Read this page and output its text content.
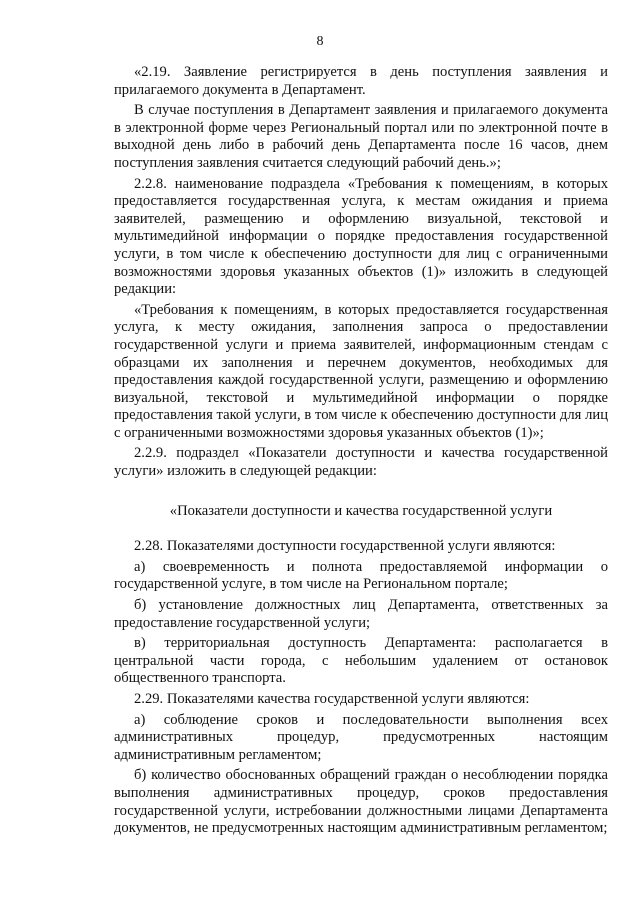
8

«2.19. Заявление регистрируется в день поступления заявления и прилагаемого документа в Департамент.

В случае поступления в Департамент заявления и прилагаемого документа в электронной форме через Региональный портал или по электронной почте в выходной день либо в рабочий день Департамента после 16 часов, днем поступления заявления считается следующий рабочий день.»;

2.2.8. наименование подраздела «Требования к помещениям, в которых предоставляется государственная услуга, к местам ожидания и приема заявителей, размещению и оформлению визуальной, текстовой и мультимедийной информации о порядке предоставления государственной услуги, в том числе к обеспечению доступности для лиц с ограниченными возможностями здоровья указанных объектов (1)» изложить в следующей редакции:

«Требования к помещениям, в которых предоставляется государственная услуга, к месту ожидания, заполнения запроса о предоставлении государственной услуги и приема заявителей, информационным стендам с образцами их заполнения и перечнем документов, необходимых для предоставления каждой государственной услуги, размещению и оформлению визуальной, текстовой и мультимедийной информации о порядке предоставления такой услуги, в том числе к обеспечению доступности для лиц с ограниченными возможностями здоровья указанных объектов (1)»;

2.2.9. подраздел «Показатели доступности и качества государственной услуги» изложить в следующей редакции:

«Показатели доступности и качества государственной услуги

2.28. Показателями доступности государственной услуги являются:

а) своевременность и полнота предоставляемой информации о государственной услуге, в том числе на Региональном портале;

б) установление должностных лиц Департамента, ответственных за предоставление государственной услуги;

в) территориальная доступность Департамента: располагается в центральной части города, с небольшим удалением от остановок общественного транспорта.

2.29. Показателями качества государственной услуги являются:

а) соблюдение сроков и последовательности выполнения всех административных процедур, предусмотренных настоящим административным регламентом;

б) количество обоснованных обращений граждан о несоблюдении порядка выполнения административных процедур, сроков предоставления государственной услуги, истребовании должностными лицами Департамента документов, не предусмотренных настоящим административным регламентом;
